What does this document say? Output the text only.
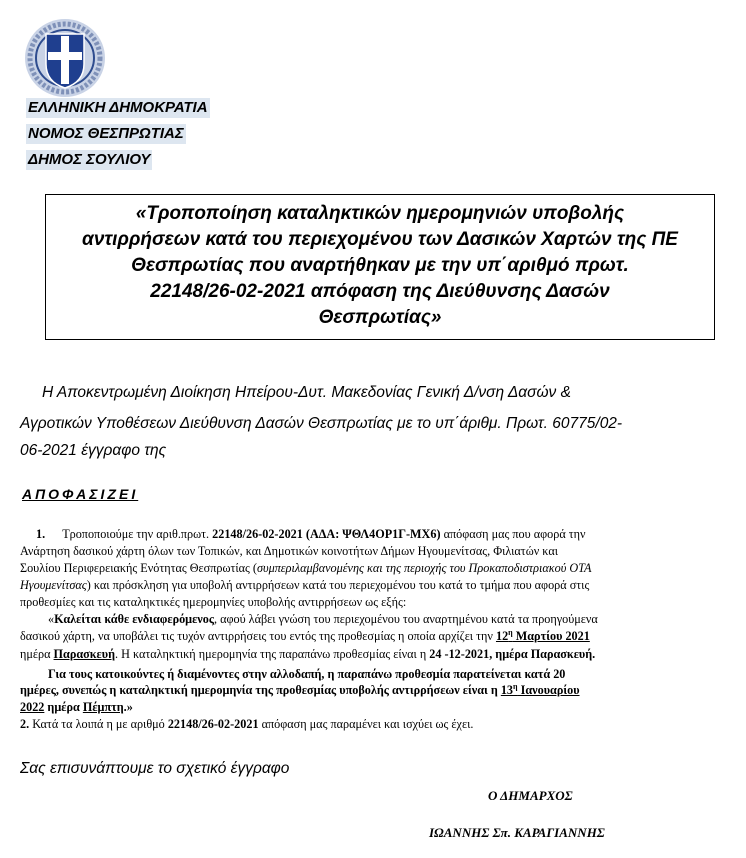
ΕΛΛΗΝΙΚΗ ΔΗΜΟΚΡΑΤΙΑ
ΝΟΜΟΣ ΘΕΣΠΡΩΤΙΑΣ
ΔΗΜΟΣ ΣΟΥΛΙΟΥ
«Τροποποίηση καταληκτικών ημερομηνιών υποβολής
αντιρρήσεων κατά του περιεχομένου των Δασικών Χαρτών της ΠΕ
Θεσπρωτίας που αναρτήθηκαν με την υπ΄αριθμό πρωτ.
22148/26-02-2021 απόφαση της Διεύθυνσης Δασών
Θεσπρωτίας»
Η Αποκεντρωμένη Διοίκηση Ηπείρου-Δυτ. Μακεδονίας Γενική Δ/νση Δασών &
Αγροτικών Υποθέσεων Διεύθυνση Δασών Θεσπρωτίας με το υπ΄άριθμ. Πρωτ. 60775/02-
06-2021 έγγραφο της
ΑΠΟΦΑΣΙΖΕΙ
1. Τροποποιούμε την αριθ.πρωτ. 22148/26-02-2021 (ΑΔΑ: ΨΘΛ4ΟΡ1Γ-ΜΧ6) απόφαση μας που αφορά την
Ανάρτηση δασικού χάρτη όλων των Τοπικών, και Δημοτικών κοινοτήτων Δήμων Ηγουμενίτσας, Φιλιατών και
Σουλίου Περιφερειακής Ενότητας Θεσπρωτίας (συμπεριλαμβανομένης και της περιοχής του Προκαποδιστριακού ΟΤΑ
Ηγουμενίτσας) και πρόσκληση για υποβολή αντιρρήσεων κατά του περιεχομένου του κατά το τμήμα που αφορά στις
προθεσμίες και τις καταληκτικές ημερομηνίες υποβολής αντιρρήσεων ως εξής:
«Καλείται κάθε ενδιαφερόμενος, αφού λάβει γνώση του περιεχομένου του αναρτημένου κατά τα προηγούμενα
δασικού χάρτη, να υποβάλει τις τυχόν αντιρρήσεις του εντός της προθεσμίας η οποία αρχίζει την $12^\eta$ Μαρτίου 2021
ημέρα Παρασκευή. Η καταληκτική ημερομηνία της παραπάνω προθεσμίας είναι η 24 -12-2021, ημέρα Παρασκευή.
Για τους κατοικούντες ή διαμένοντες στην αλλοδαπή, η παραπάνω προθεσμία παρατείνεται κατά 20
ημέρες, συνεπώς η καταληκτική ημερομηνία της προθεσμίας υποβολής αντιρρήσεων είναι η $13^\eta$ Ιανουαρίου
2022 ημέρα Πέμπτη.»
2. Κατά τα λοιπά η με αριθμό 22148/26-02-2021 απόφαση μας παραμένει και ισχύει ως έχει.
Σας επισυνάπτουμε το σχετικό έγγραφο
Ο ΔΗΜΑΡΧΟΣ
ΙΩΑΝΝΗΣ Σπ. ΚΑΡΑΓΙΑΝΝΗΣ
